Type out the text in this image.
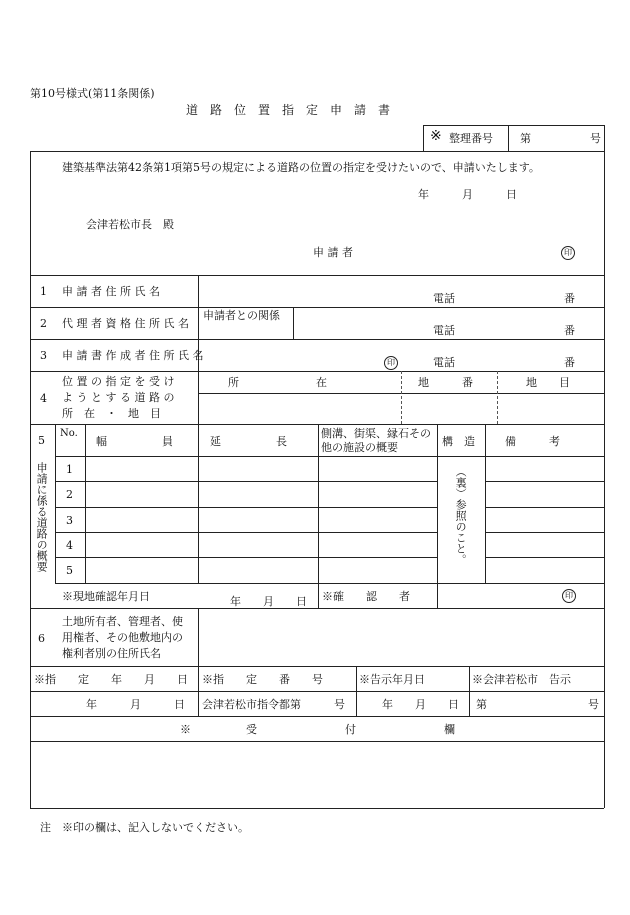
第10号様式(第11条関係)
道　路　位　置　指　定　申　請　書
※ 整理番号 第	号
建築基準法第42条第1項第5号の規定による道路の位置の指定を受けたいので、申請いたします。
年　　　月　　　日
会津若松市長　殿
申 請 者	印
1 申 請 者 住 所 氏 名
電話	番
2 代 理 者 資 格 住 所 氏 名
申請者との関係
電話	番
3 申 請 書 作 成 者 住 所 氏 名
印	電話	番
4
位 置 の 指 定 を 受 け
よ う と す る 道 路 の
所　在　・　地　目
所　　　　　　　在	地　　　番	地　　目
5
申請に係る道路の概要
No.
幅　　　　　員	延　　　　　長
側溝、街渠、縁石その他の施設の概要	構　造	備　　　考
1
2
3
4
5
（裏）参照のこと。
※現地確認年月日	年　　月　　日 ※確　　認　　者	印
6
土地所有者、管理者、使
用権者、その他敷地内の
権利者別の住所氏名
※指　　定　　年　　月　　日 ※指　　定　　番　　号	※告示年月日	※会津若松市　告示
年　　　月　　　日 会津若松市指令都第　　　号	年　　月　　日 第	号
※　　　　　受　　　　　　　　付　　　　　　　　欄
注　※印の欄は、記入しないでください。
